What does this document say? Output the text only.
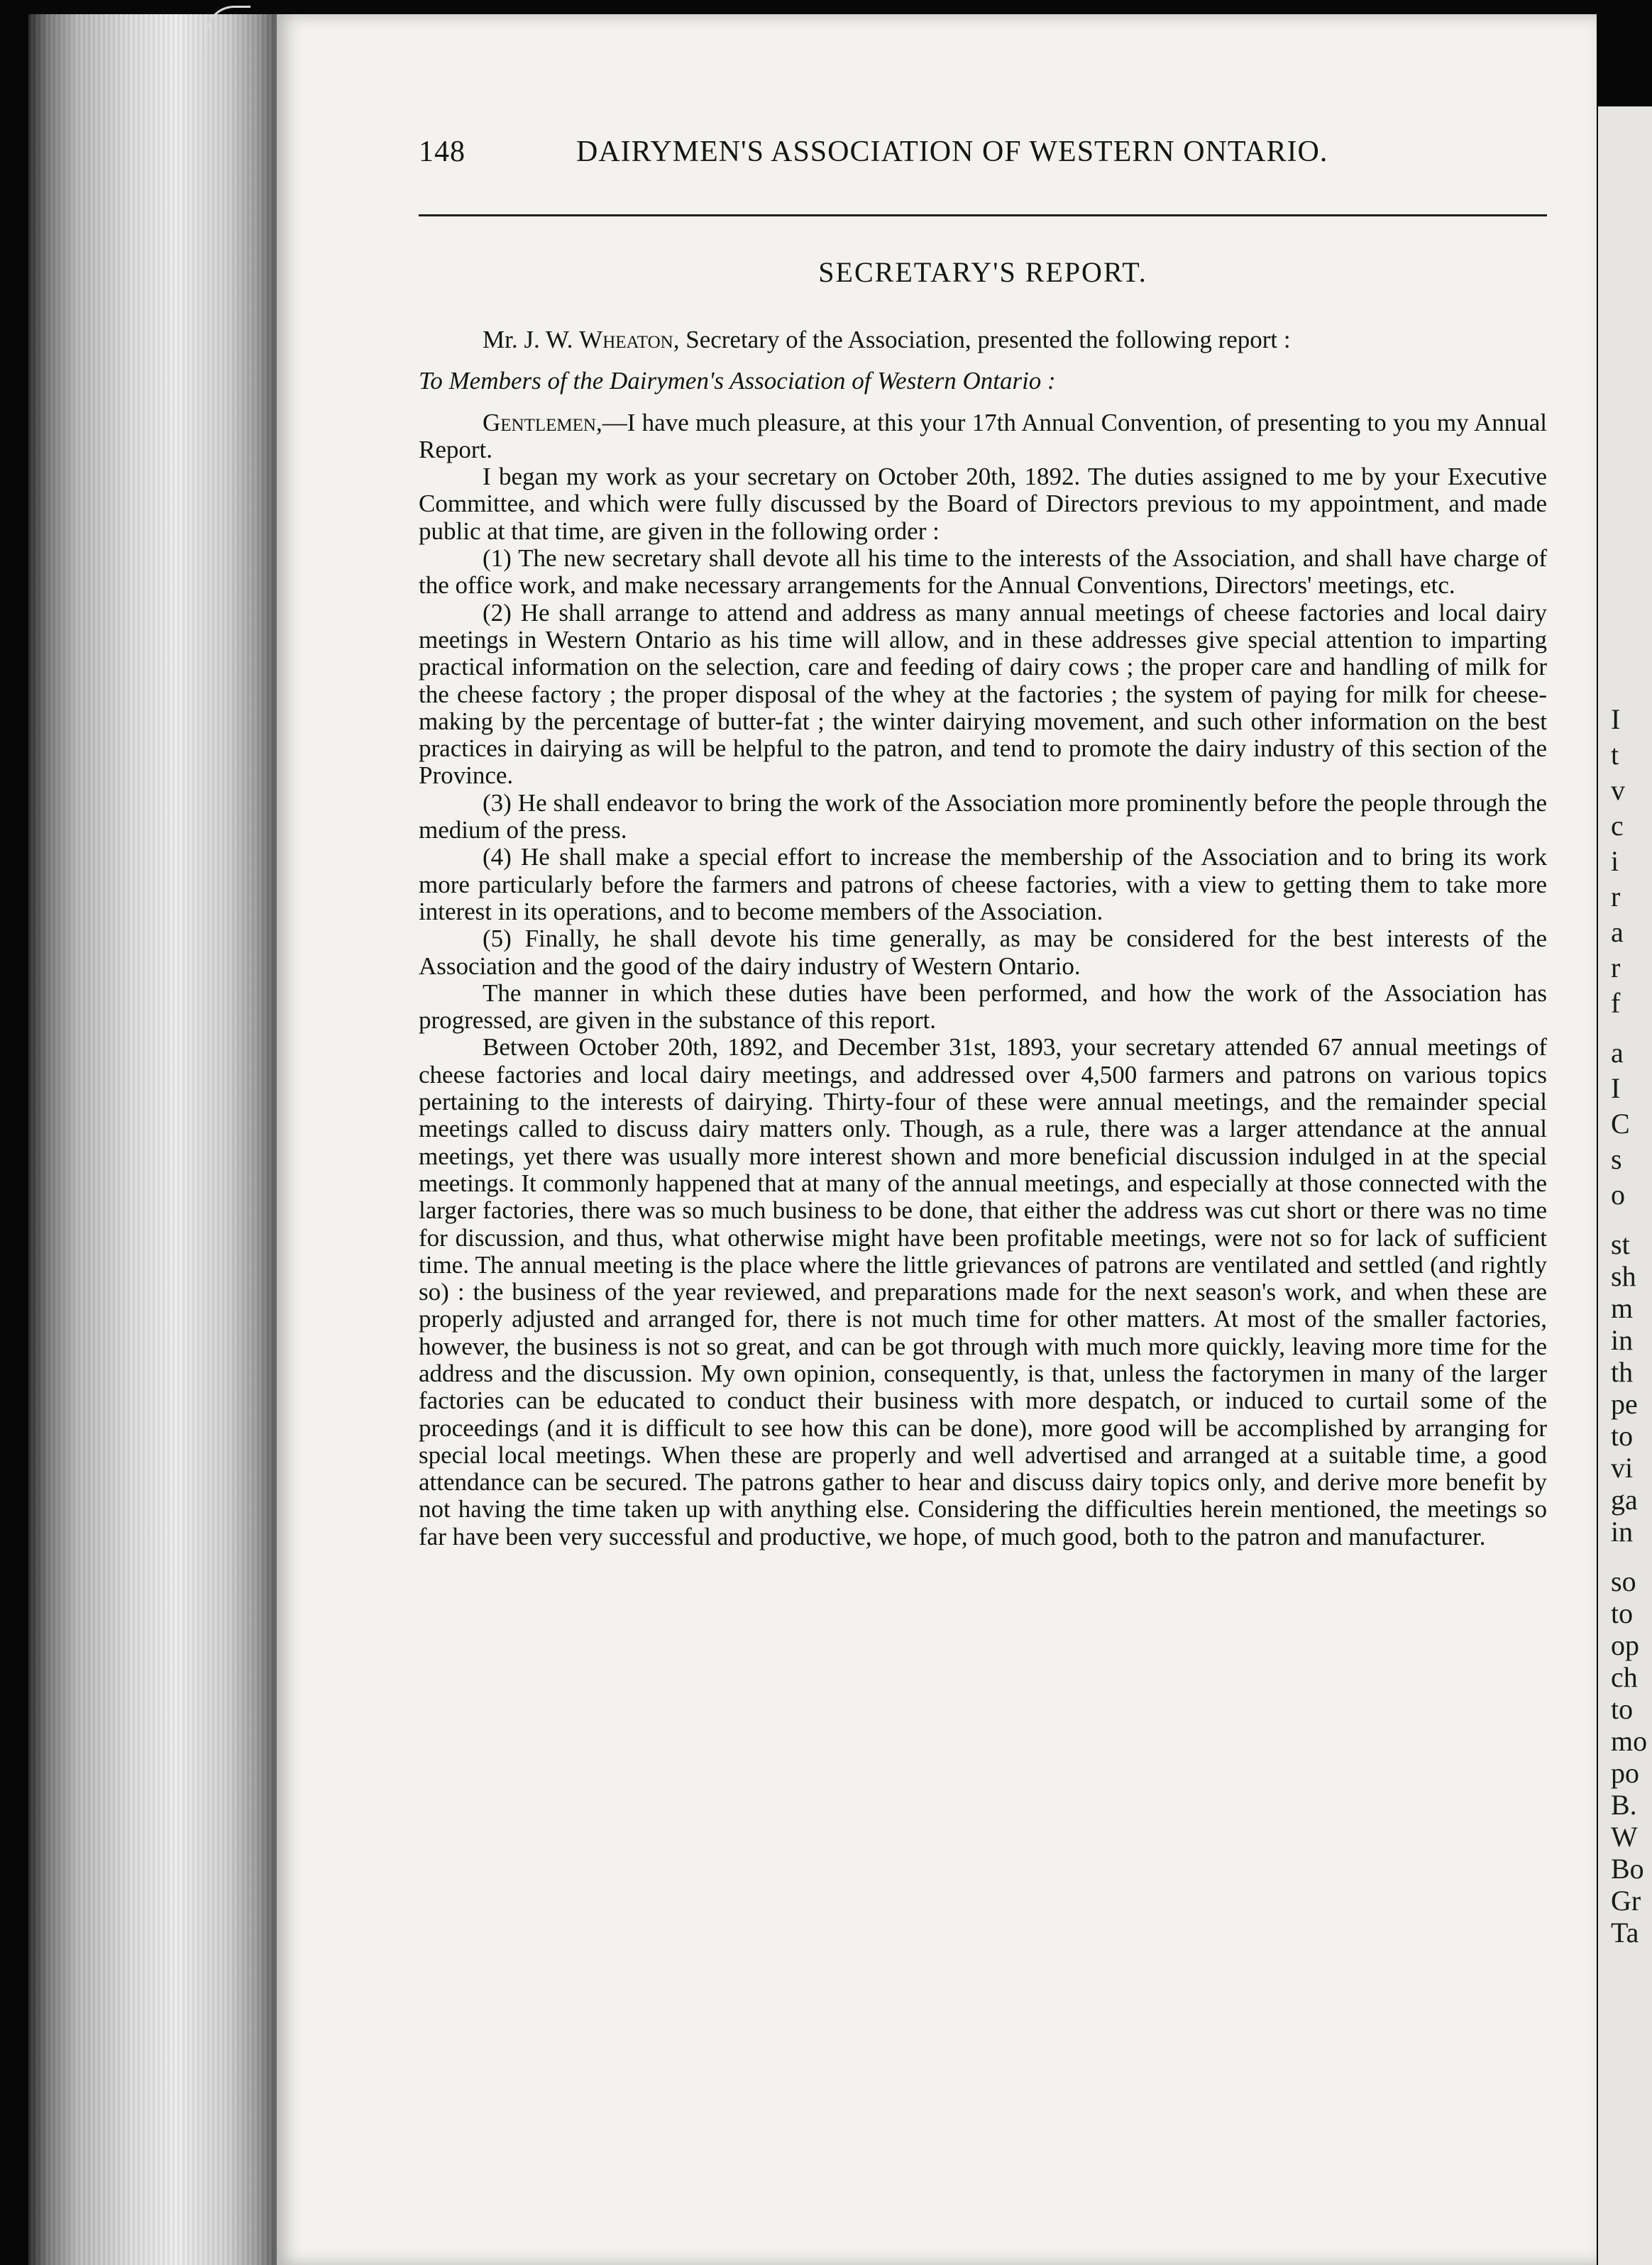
I
t
v
c
i
r
a
r
f
a
I
C
s
o
st
sh
m
in
th
pe
to
vi
ga
in
so
to
op
ch
to
mo
po
B.
W
Bo
Gr
Ta
148	DAIRYMEN'S ASSOCIATION OF WESTERN ONTARIO.
SECRETARY'S REPORT.

Mr. J. W. Wheaton, Secretary of the Association, presented the following report :

To Members of the Dairymen's Association of Western Ontario :

Gentlemen,—I have much pleasure, at this your 17th Annual Convention, of presenting to you my Annual Report.

I began my work as your secretary on October 20th, 1892. The duties assigned to me by your Executive Committee, and which were fully discussed by the Board of Directors previous to my appointment, and made public at that time, are given in the following order :

(1) The new secretary shall devote all his time to the interests of the Association, and shall have charge of the office work, and make necessary arrangements for the Annual Conventions, Directors' meetings, etc.

(2) He shall arrange to attend and address as many annual meetings of cheese factories and local dairy meetings in Western Ontario as his time will allow, and in these addresses give special attention to imparting practical information on the selection, care and feeding of dairy cows ; the proper care and handling of milk for the cheese factory ; the proper disposal of the whey at the factories ; the system of paying for milk for cheese-making by the percentage of butter-fat ; the winter dairying movement, and such other information on the best practices in dairying as will be helpful to the patron, and tend to promote the dairy industry of this section of the Province.

(3) He shall endeavor to bring the work of the Association more prominently before the people through the medium of the press.

(4) He shall make a special effort to increase the membership of the Association and to bring its work more particularly before the farmers and patrons of cheese factories, with a view to getting them to take more interest in its operations, and to become members of the Association.

(5) Finally, he shall devote his time generally, as may be considered for the best interests of the Association and the good of the dairy industry of Western Ontario.

The manner in which these duties have been performed, and how the work of the Association has progressed, are given in the substance of this report.

Between October 20th, 1892, and December 31st, 1893, your secretary attended 67 annual meetings of cheese factories and local dairy meetings, and addressed over 4,500 farmers and patrons on various topics pertaining to the interests of dairying. Thirty-four of these were annual meetings, and the remainder special meetings called to discuss dairy matters only. Though, as a rule, there was a larger attendance at the annual meetings, yet there was usually more interest shown and more beneficial discussion indulged in at the special meetings. It commonly happened that at many of the annual meetings, and especially at those connected with the larger factories, there was so much business to be done, that either the address was cut short or there was no time for discussion, and thus, what otherwise might have been profitable meetings, were not so for lack of sufficient time. The annual meeting is the place where the little grievances of patrons are ventilated and settled (and rightly so) : the business of the year reviewed, and preparations made for the next season's work, and when these are properly adjusted and arranged for, there is not much time for other matters. At most of the smaller factories, however, the business is not so great, and can be got through with much more quickly, leaving more time for the address and the discussion. My own opinion, consequently, is that, unless the factorymen in many of the larger factories can be educated to conduct their business with more despatch, or induced to curtail some of the proceedings (and it is difficult to see how this can be done), more good will be accomplished by arranging for special local meetings. When these are properly and well advertised and arranged at a suitable time, a good attendance can be secured. The patrons gather to hear and discuss dairy topics only, and derive more benefit by not having the time taken up with anything else. Considering the difficulties herein mentioned, the meetings so far have been very successful and productive, we hope, of much good, both to the patron and manufacturer.
